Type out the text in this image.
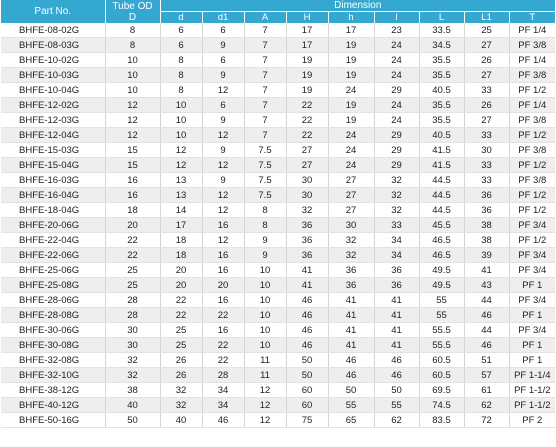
Part No.	Tube OD
D	Dimension								
		d	d1	A	H	h	l	L	L1	T
BHFE-08-02G	8	6	6	7	17	17	23	33.5	25	PF 1/4
BHFE-08-03G	8	6	9	7	17	19	24	34.5	27	PF 3/8
BHFE-10-02G	10	8	6	7	19	19	24	35.5	26	PF 1/4
BHFE-10-03G	10	8	9	7	19	19	24	35.5	27	PF 3/8
BHFE-10-04G	10	8	12	7	19	24	29	40.5	33	PF 1/2
BHFE-12-02G	12	10	6	7	22	19	24	35.5	26	PF 1/4
BHFE-12-03G	12	10	9	7	22	19	24	35.5	27	PF 3/8
BHFE-12-04G	12	10	12	7	22	24	29	40.5	33	PF 1/2
BHFE-15-03G	15	12	9	7.5	27	24	29	41.5	30	PF 3/8
BHFE-15-04G	15	12	12	7.5	27	24	29	41.5	33	PF 1/2
BHFE-16-03G	16	13	9	7.5	30	27	32	44.5	33	PF 3/8
BHFE-16-04G	16	13	12	7.5	30	27	32	44.5	36	PF 1/2
BHFE-18-04G	18	14	12	8	32	27	32	44.5	36	PF 1/2
BHFE-20-06G	20	17	16	8	36	30	33	45.5	38	PF 3/4
BHFE-22-04G	22	18	12	9	36	32	34	46.5	38	PF 1/2
BHFE-22-06G	22	18	16	9	36	32	34	46.5	39	PF 3/4
BHFE-25-06G	25	20	16	10	41	36	36	49.5	41	PF 3/4
BHFE-25-08G	25	20	20	10	41	36	36	49.5	43	PF 1
BHFE-28-06G	28	22	16	10	46	41	41	55	44	PF 3/4
BHFE-28-08G	28	22	22	10	46	41	41	55	46	PF 1
BHFE-30-06G	30	25	16	10	46	41	41	55.5	44	PF 3/4
BHFE-30-08G	30	25	22	10	46	41	41	55.5	46	PF 1
BHFE-32-08G	32	26	22	11	50	46	46	60.5	51	PF 1
BHFE-32-10G	32	26	28	11	50	46	46	60.5	57	PF 1-1/4
BHFE-38-12G	38	32	34	12	60	50	50	69.5	61	PF 1-1/2
BHFE-40-12G	40	32	34	12	60	55	55	74.5	62	PF 1-1/2
BHFE-50-16G	50	40	46	12	75	65	62	83.5	72	PF 2
